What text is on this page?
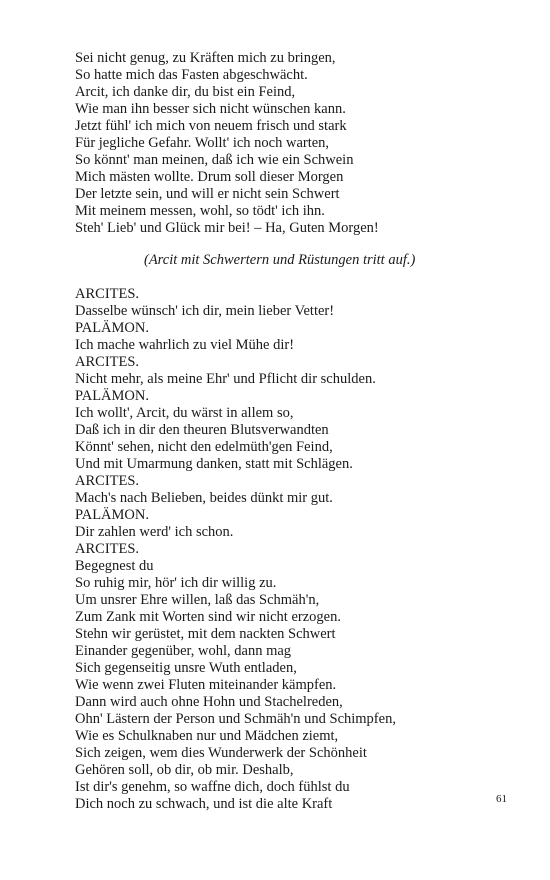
Sei nicht genug, zu Kräften mich zu bringen,
So hatte mich das Fasten abgeschwächt.
Arcit, ich danke dir, du bist ein Feind,
Wie man ihn besser sich nicht wünschen kann.
Jetzt fühl' ich mich von neuem frisch und stark
Für jegliche Gefahr. Wollt' ich noch warten,
So könnt' man meinen, daß ich wie ein Schwein
Mich mästen wollte. Drum soll dieser Morgen
Der letzte sein, und will er nicht sein Schwert
Mit meinem messen, wohl, so tödt' ich ihn.
Steh' Lieb' und Glück mir bei! – Ha, Guten Morgen!
(Arcit mit Schwertern und Rüstungen tritt auf.)
ARCITES.
Dasselbe wünsch' ich dir, mein lieber Vetter!
PALÄMON.
Ich mache wahrlich zu viel Mühe dir!
ARCITES.
Nicht mehr, als meine Ehr' und Pflicht dir schulden.
PALÄMON.
Ich wollt', Arcit, du wärst in allem so,
Daß ich in dir den theuren Blutsverwandten
Könnt' sehen, nicht den edelmüth'gen Feind,
Und mit Umarmung danken, statt mit Schlägen.
ARCITES.
Mach's nach Belieben, beides dünkt mir gut.
PALÄMON.
Dir zahlen werd' ich schon.
ARCITES.
Begegnest du
So ruhig mir, hör' ich dir willig zu.
Um unsrer Ehre willen, laß das Schmäh'n,
Zum Zank mit Worten sind wir nicht erzogen.
Stehn wir gerüstet, mit dem nackten Schwert
Einander gegenüber, wohl, dann mag
Sich gegenseitig unsre Wuth entladen,
Wie wenn zwei Fluten miteinander kämpfen.
Dann wird auch ohne Hohn und Stachelreden,
Ohn' Lästern der Person und Schmäh'n und Schimpfen,
Wie es Schulknaben nur und Mädchen ziemt,
Sich zeigen, wem dies Wunderwerk der Schönheit
Gehören soll, ob dir, ob mir. Deshalb,
Ist dir's genehm, so waffne dich, doch fühlst du
Dich noch zu schwach, und ist die alte Kraft	61
